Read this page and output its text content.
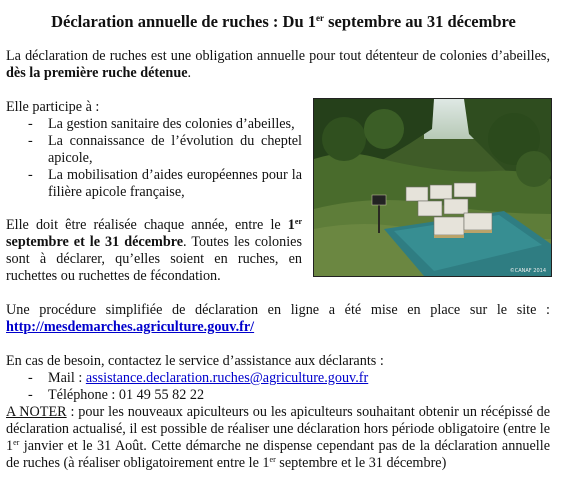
Déclaration annuelle de ruches : Du 1er septembre au 31 décembre

La déclaration de ruches est une obligation annuelle pour tout détenteur de colonies d’abeilles, dès la première ruche détenue.

Elle participe à :

- La gestion sanitaire des colonies d’abeilles,
- La connaissance de l’évolution du cheptel apicole,
- La mobilisation d’aides européennes pour la filière apicole française,
©CANAF 2014

Elle doit être réalisée chaque année, entre le 1er septembre et le 31 décembre. Toutes les colonies sont à déclarer, qu’elles soient en ruches, en ruchettes ou ruchettes de fécondation.

Une procédure simplifiée de déclaration en ligne a été mise en place sur le site : http://mesdemarches.agriculture.gouv.fr/

En cas de besoin, contactez le service d’assistance aux déclarants :

- Mail : assistance.declaration.ruches@agriculture.gouv.fr
- Téléphone : 01 49 55 82 22

A NOTER : pour les nouveaux apiculteurs ou les apiculteurs souhaitant obtenir un récépissé de déclaration actualisé, il est possible de réaliser une déclaration hors période obligatoire (entre le 1er janvier et le 31 Août. Cette démarche ne dispense cependant pas de la déclaration annuelle de ruches (à réaliser obligatoirement entre le 1er septembre et le 31 décembre)
